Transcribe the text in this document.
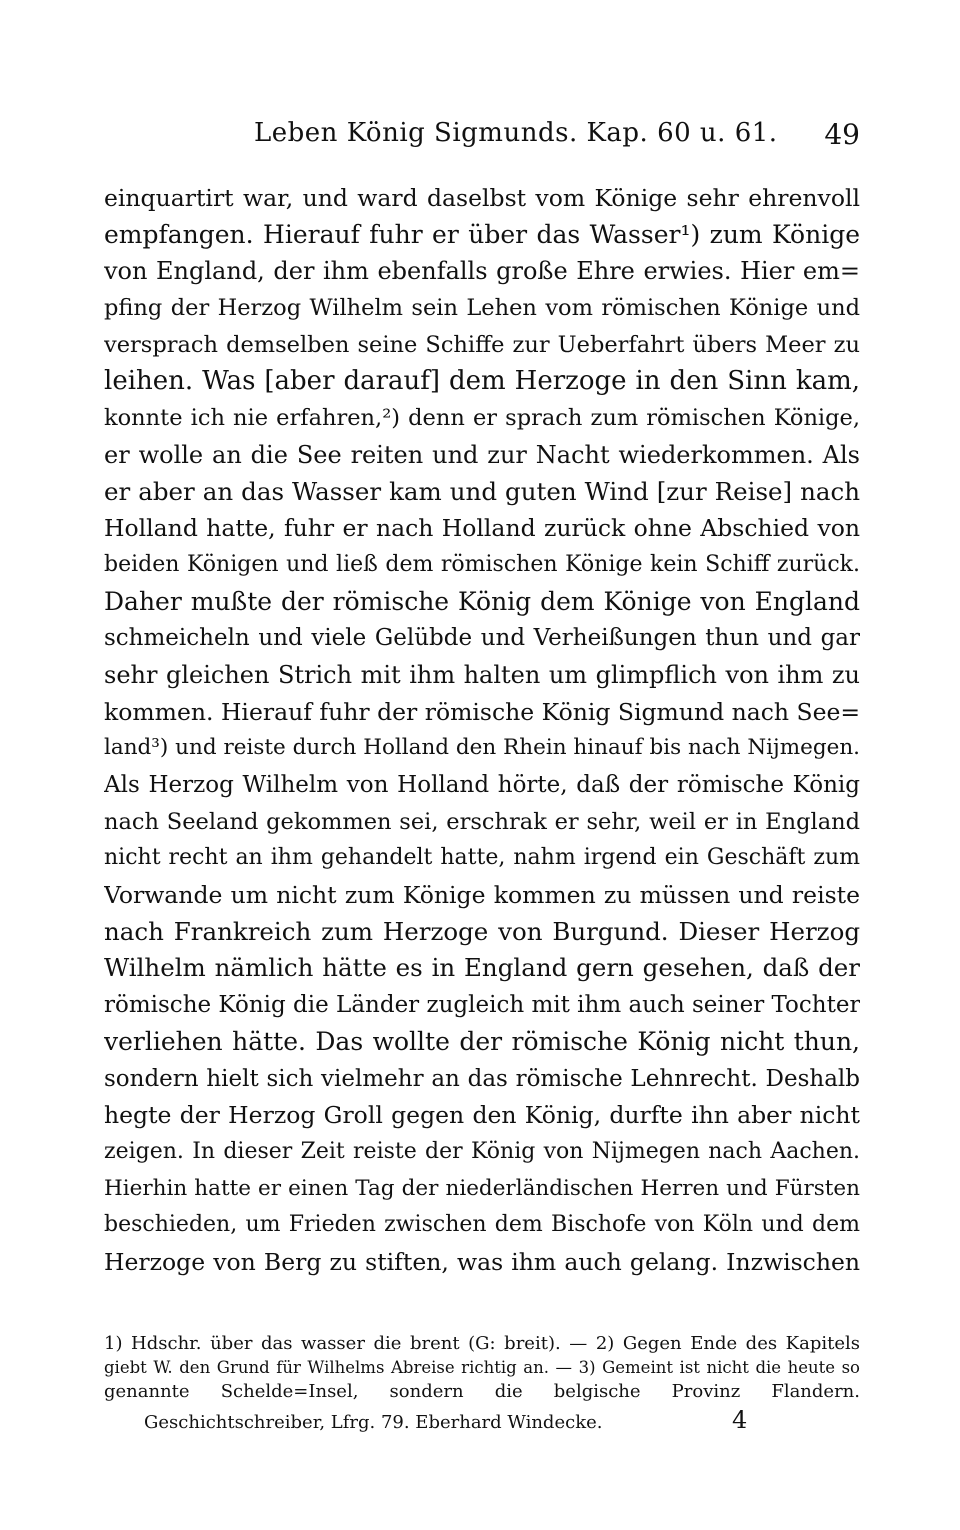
Leben König Sigmunds. Kap. 60 u. 61. 49
einquartirt war, und ward daselbst vom Könige sehr ehrenvoll
empfangen. Hierauf fuhr er über das Wasser¹) zum Könige
von England, der ihm ebenfalls große Ehre erwies. Hier em=
pfing der Herzog Wilhelm sein Lehen vom römischen Könige und
versprach demselben seine Schiffe zur Ueberfahrt übers Meer zu
leihen. Was [aber darauf] dem Herzoge in den Sinn kam,
konnte ich nie erfahren,²) denn er sprach zum römischen Könige,
er wolle an die See reiten und zur Nacht wiederkommen. Als
er aber an das Wasser kam und guten Wind [zur Reise] nach
Holland hatte, fuhr er nach Holland zurück ohne Abschied von
beiden Königen und ließ dem römischen Könige kein Schiff zurück.
Daher mußte der römische König dem Könige von England
schmeicheln und viele Gelübde und Verheißungen thun und gar
sehr gleichen Strich mit ihm halten um glimpflich von ihm zu
kommen. Hierauf fuhr der römische König Sigmund nach See=
land³) und reiste durch Holland den Rhein hinauf bis nach Nijmegen.
Als Herzog Wilhelm von Holland hörte, daß der römische König
nach Seeland gekommen sei, erschrak er sehr, weil er in England
nicht recht an ihm gehandelt hatte, nahm irgend ein Geschäft zum
Vorwande um nicht zum Könige kommen zu müssen und reiste
nach Frankreich zum Herzoge von Burgund. Dieser Herzog
Wilhelm nämlich hätte es in England gern gesehen, daß der
römische König die Länder zugleich mit ihm auch seiner Tochter
verliehen hätte. Das wollte der römische König nicht thun,
sondern hielt sich vielmehr an das römische Lehnrecht. Deshalb
hegte der Herzog Groll gegen den König, durfte ihn aber nicht
zeigen. In dieser Zeit reiste der König von Nijmegen nach Aachen.
Hierhin hatte er einen Tag der niederländischen Herren und Fürsten
beschieden, um Frieden zwischen dem Bischofe von Köln und dem
Herzoge von Berg zu stiften, was ihm auch gelang. Inzwischen
1) Hdschr. über das wasser die brent (G: breit). — 2) Gegen Ende des Kapitels
giebt W. den Grund für Wilhelms Abreise richtig an. — 3) Gemeint ist nicht die heute so
genannte Schelde=Insel, sondern die belgische Provinz Flandern.
Geschichtschreiber, Lfrg. 79. Eberhard Windecke.	4
